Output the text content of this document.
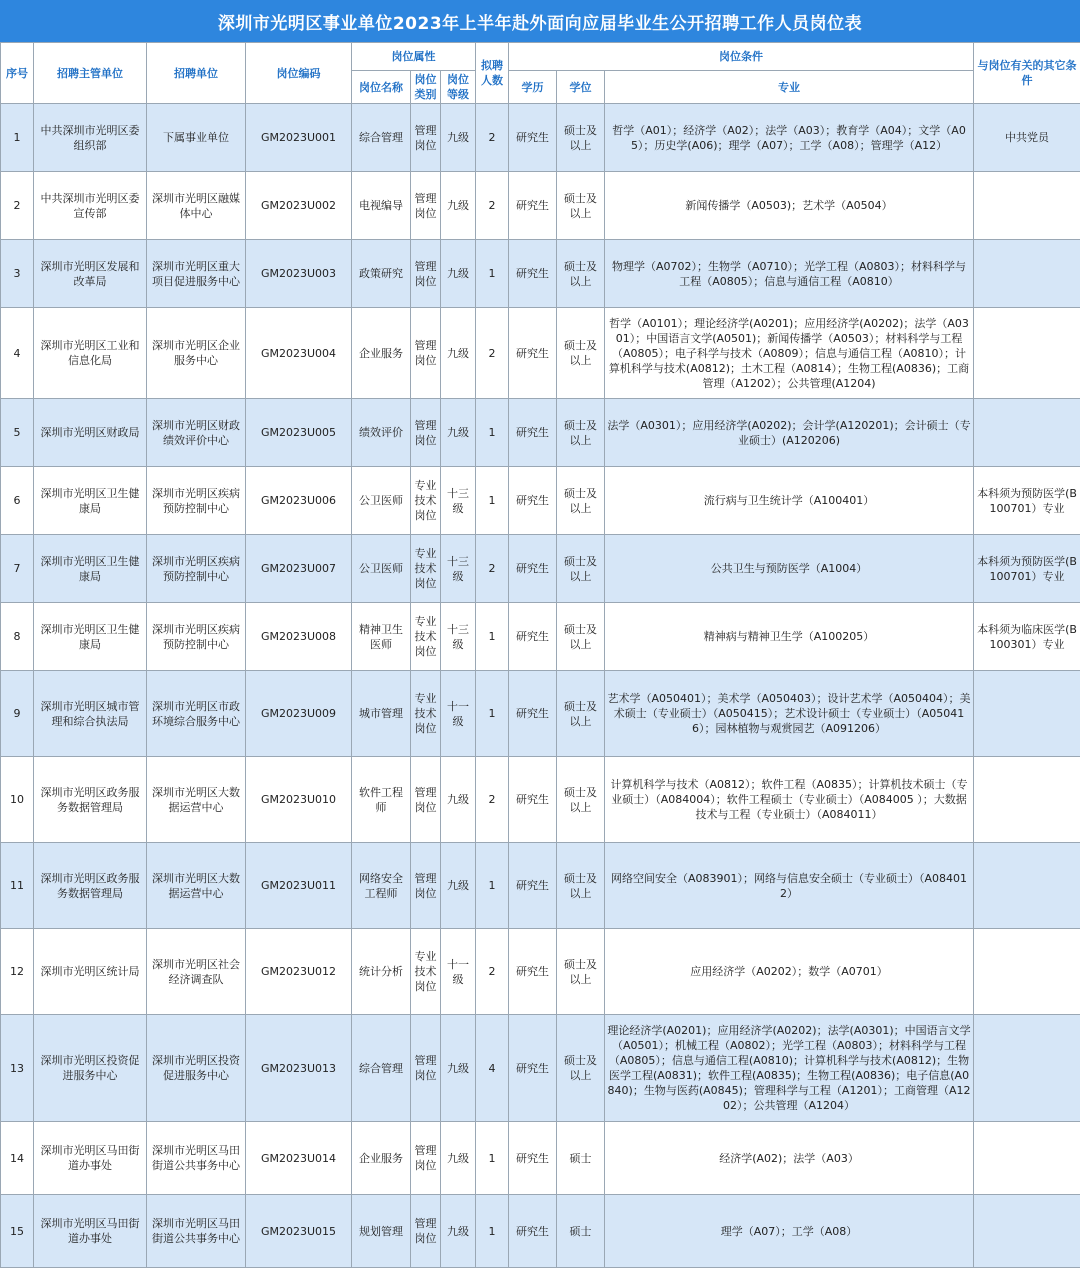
深圳市光明区事业单位2023年上半年赴外面向应届毕业生公开招聘工作人员岗位表
序号	招聘主管单位	招聘单位	岗位编码	岗位属性			拟聘人数	岗位条件			与岗位有关的其它条件
				岗位名称	岗位类别	岗位等级		学历	学位	专业	
1	中共深圳市光明区委组织部	下属事业单位	GM2023U001	综合管理	管理岗位	九级	2	研究生	硕士及以上	哲学（A01）；经济学（A02）；法学（A03）；教育学（A04）；文学（A05）；历史学(A06)；理学（A07）；工学（A08）；管理学（A12）	中共党员
2	中共深圳市光明区委宣传部	深圳市光明区融媒体中心	GM2023U002	电视编导	管理岗位	九级	2	研究生	硕士及以上	新闻传播学（A0503)；艺术学（A0504）	
3	深圳市光明区发展和改革局	深圳市光明区重大项目促进服务中心	GM2023U003	政策研究	管理岗位	九级	1	研究生	硕士及以上	物理学（A0702）；生物学（A0710）；光学工程（A0803）；材料科学与工程（A0805）；信息与通信工程（A0810）	
4	深圳市光明区工业和信息化局	深圳市光明区企业服务中心	GM2023U004	企业服务	管理岗位	九级	2	研究生	硕士及以上	哲学（A0101）；理论经济学(A0201)；应用经济学(A0202)；法学（A0301）；中国语言文学(A0501)；新闻传播学（A0503）；材料科学与工程（A0805）；电子科学与技术（A0809）；信息与通信工程（A0810）；计算机科学与技术(A0812)；土木工程（A0814）；生物工程(A0836)；工商管理（A1202）；公共管理(A1204)	
5	深圳市光明区财政局	深圳市光明区财政绩效评价中心	GM2023U005	绩效评价	管理岗位	九级	1	研究生	硕士及以上	法学（A0301）；应用经济学(A0202)；会计学(A120201)；会计硕士（专业硕士）(A120206)	
6	深圳市光明区卫生健康局	深圳市光明区疾病预防控制中心	GM2023U006	公卫医师	专业技术岗位	十三级	1	研究生	硕士及以上	流行病与卫生统计学（A100401）	本科须为预防医学(B100701）专业
7	深圳市光明区卫生健康局	深圳市光明区疾病预防控制中心	GM2023U007	公卫医师	专业技术岗位	十三级	2	研究生	硕士及以上	公共卫生与预防医学（A1004）	本科须为预防医学(B100701）专业
8	深圳市光明区卫生健康局	深圳市光明区疾病预防控制中心	GM2023U008	精神卫生医师	专业技术岗位	十三级	1	研究生	硕士及以上	精神病与精神卫生学（A100205）	本科须为临床医学(B100301）专业
9	深圳市光明区城市管理和综合执法局	深圳市光明区市政环境综合服务中心	GM2023U009	城市管理	专业技术岗位	十一级	1	研究生	硕士及以上	艺术学（A050401）；美术学（A050403）；设计艺术学（A050404）；美术硕士（专业硕士）（A050415）；艺术设计硕士（专业硕士）（A050416）；园林植物与观赏园艺（A091206）	
10	深圳市光明区政务服务数据管理局	深圳市光明区大数据运营中心	GM2023U010	软件工程师	管理岗位	九级	2	研究生	硕士及以上	计算机科学与技术（A0812）；软件工程（A0835）；计算机技术硕士（专业硕士）（A084004）；软件工程硕士（专业硕士）（A084005 ）；大数据技术与工程（专业硕士）（A084011）	
11	深圳市光明区政务服务数据管理局	深圳市光明区大数据运营中心	GM2023U011	网络安全工程师	管理岗位	九级	1	研究生	硕士及以上	网络空间安全（A083901）；网络与信息安全硕士（专业硕士）（A084012）	
12	深圳市光明区统计局	深圳市光明区社会经济调查队	GM2023U012	统计分析	专业技术岗位	十一级	2	研究生	硕士及以上	应用经济学（A0202）；数学（A0701）	
13	深圳市光明区投资促进服务中心	深圳市光明区投资促进服务中心	GM2023U013	综合管理	管理岗位	九级	4	研究生	硕士及以上	理论经济学(A0201)；应用经济学(A0202)；法学(A0301)；中国语言文学（A0501）；机械工程（A0802）；光学工程（A0803）；材料科学与工程（A0805）；信息与通信工程(A0810)；计算机科学与技术(A0812)；生物医学工程(A0831)；软件工程(A0835)；生物工程(A0836)；电子信息(A0840)；生物与医药(A0845)；管理科学与工程（A1201）；工商管理（A1202）；公共管理（A1204）	
14	深圳市光明区马田街道办事处	深圳市光明区马田街道公共事务中心	GM2023U014	企业服务	管理岗位	九级	1	研究生	硕士	经济学(A02)；法学（A03）	
15	深圳市光明区马田街道办事处	深圳市光明区马田街道公共事务中心	GM2023U015	规划管理	管理岗位	九级	1	研究生	硕士	理学（A07）；工学（A08）	
